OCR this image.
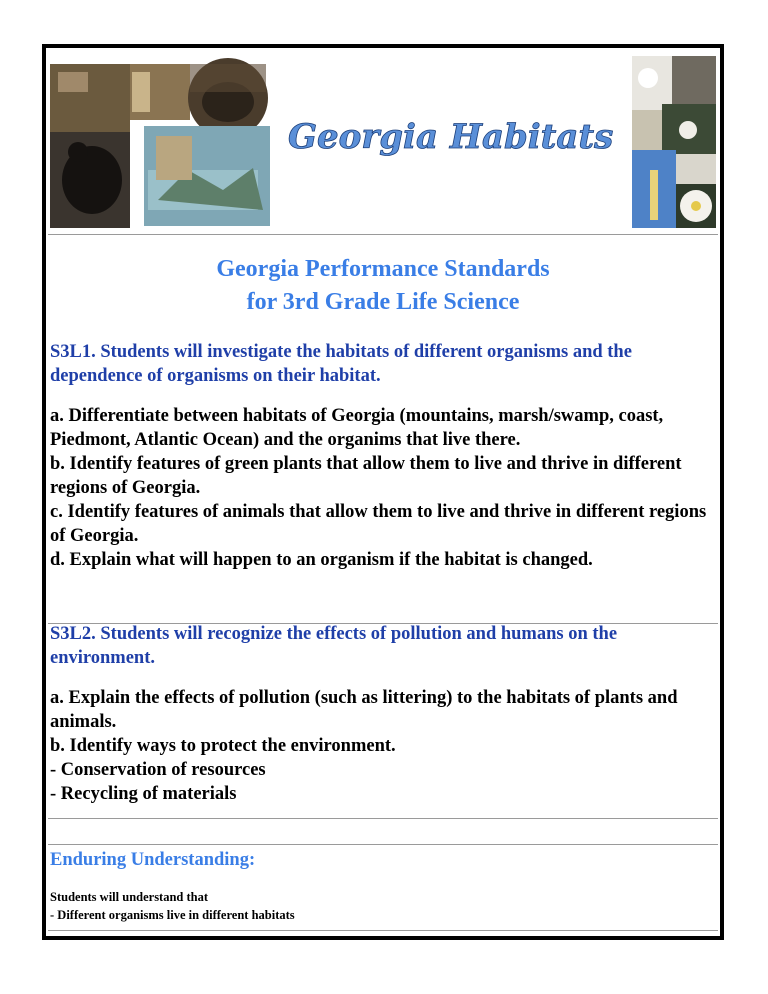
Georgia Habitats
Georgia Performance Standards
for 3rd Grade Life Science
S3L1. Students will investigate the habitats of different organisms and the dependence of organisms on their habitat.
a. Differentiate between habitats of Georgia (mountains, marsh/swamp, coast, Piedmont, Atlantic Ocean) and the organims that live there.
b. Identify features of green plants that allow them to live and thrive in different regions of Georgia.
c. Identify features of animals that allow them to live and thrive in different regions of Georgia.
d. Explain what will happen to an organism if the habitat is changed.
S3L2. Students will recognize the effects of pollution and humans on the environment.
a. Explain the effects of pollution (such as littering) to the habitats of plants and animals.
b. Identify ways to protect the environment.
- Conservation of resources
- Recycling of materials
Enduring Understanding:
Students will understand that
- Different organisms live in different habitats
